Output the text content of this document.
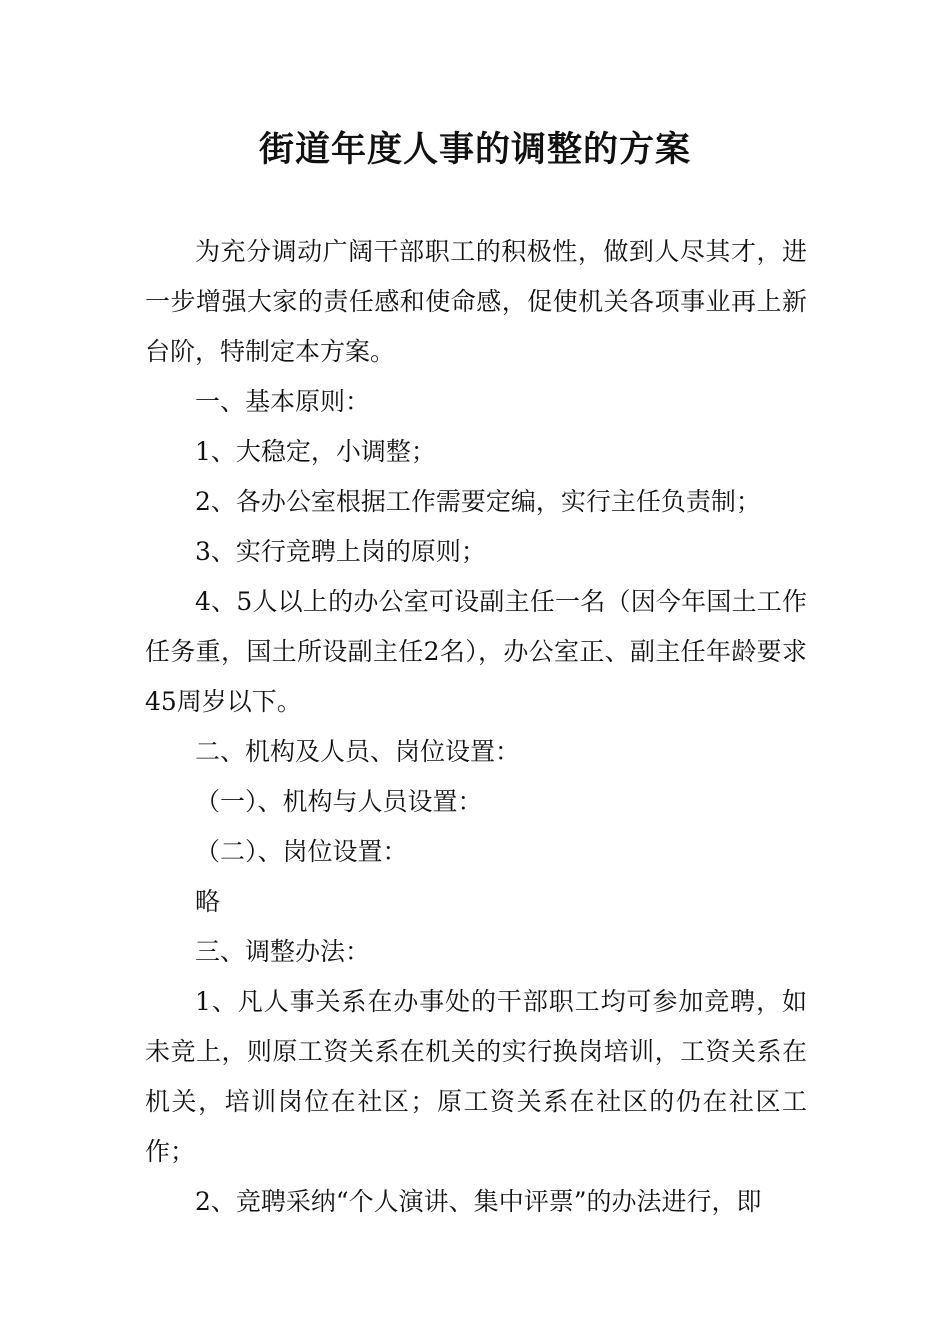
街道年度人事的调整的方案

为充分调动广阔干部职工的积极性，做到人尽其才，进一步增强大家的责任感和使命感，促使机关各项事业再上新台阶，特制定本方案。

一、基本原则：

1、大稳定，小调整；

2、各办公室根据工作需要定编，实行主任负责制；

3、实行竞聘上岗的原则；

4、5人以上的办公室可设副主任一名（因今年国土工作任务重，国土所设副主任2名），办公室正、副主任年龄要求45周岁以下。

二、机构及人员、岗位设置：

（一）、机构与人员设置：

（二）、岗位设置：

略

三、调整办法：

1、凡人事关系在办事处的干部职工均可参加竞聘，如未竞上，则原工资关系在机关的实行换岗培训，工资关系在机关，培训岗位在社区；原工资关系在社区的仍在社区工作；

2、竞聘采纳“个人演讲、集中评票”的办法进行，即
